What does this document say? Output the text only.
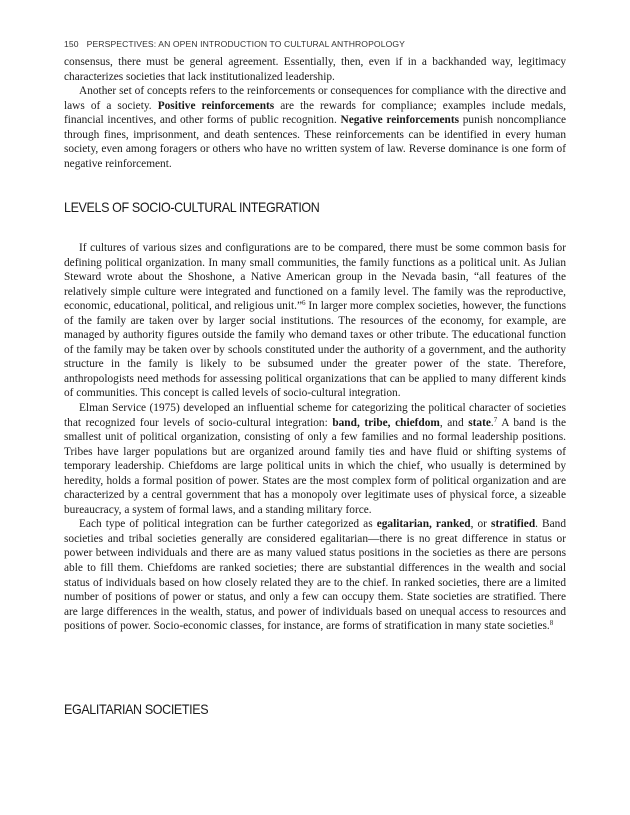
150 PERSPECTIVES: AN OPEN INTRODUCTION TO CULTURAL ANTHROPOLOGY

consensus, there must be general agreement. Essentially, then, even if in a backhanded way, legitimacy characterizes societies that lack institutionalized leadership.

Another set of concepts refers to the reinforcements or consequences for compliance with the directive and laws of a society. Positive reinforcements are the rewards for compliance; examples include medals, financial incentives, and other forms of public recognition. Negative reinforcements punish noncompliance through fines, imprisonment, and death sentences. These reinforcements can be identified in every human society, even among foragers or others who have no written system of law. Reverse dominance is one form of negative reinforcement.

LEVELS OF SOCIO-CULTURAL INTEGRATION

If cultures of various sizes and configurations are to be compared, there must be some common basis for defining political organization. In many small communities, the family functions as a political unit. As Julian Steward wrote about the Shoshone, a Native American group in the Nevada basin, “all features of the relatively simple culture were integrated and functioned on a family level. The family was the reproductive, economic, educational, political, and religious unit.”$^6$ In larger more complex societies, however, the functions of the family are taken over by larger social institutions. The resources of the economy, for example, are managed by authority figures outside the family who demand taxes or other tribute. The educational function of the family may be taken over by schools constituted under the authority of a government, and the authority structure in the family is likely to be subsumed under the greater power of the state. Therefore, anthropologists need methods for assessing political organizations that can be applied to many different kinds of communities. This concept is called levels of socio-cultural integration.

Elman Service (1975) developed an influential scheme for categorizing the political character of societies that recognized four levels of socio-cultural integration: band, tribe, chiefdom, and state.$^7$ A band is the smallest unit of political organization, consisting of only a few families and no formal leadership positions. Tribes have larger populations but are organized around family ties and have fluid or shifting systems of temporary leadership. Chiefdoms are large political units in which the chief, who usually is determined by heredity, holds a formal position of power. States are the most complex form of political organization and are characterized by a central government that has a monopoly over legitimate uses of physical force, a sizeable bureaucracy, a system of formal laws, and a standing military force.

Each type of political integration can be further categorized as egalitarian, ranked, or stratified. Band societies and tribal societies generally are considered egalitarian—there is no great difference in status or power between individuals and there are as many valued status positions in the societies as there are persons able to fill them. Chiefdoms are ranked societies; there are substantial differences in the wealth and social status of individuals based on how closely related they are to the chief. In ranked societies, there are a limited number of positions of power or status, and only a few can occupy them. State societies are stratified. There are large differences in the wealth, status, and power of individuals based on unequal access to resources and positions of power. Socio-economic classes, for instance, are forms of stratification in many state societies.$^8$

EGALITARIAN SOCIETIES
